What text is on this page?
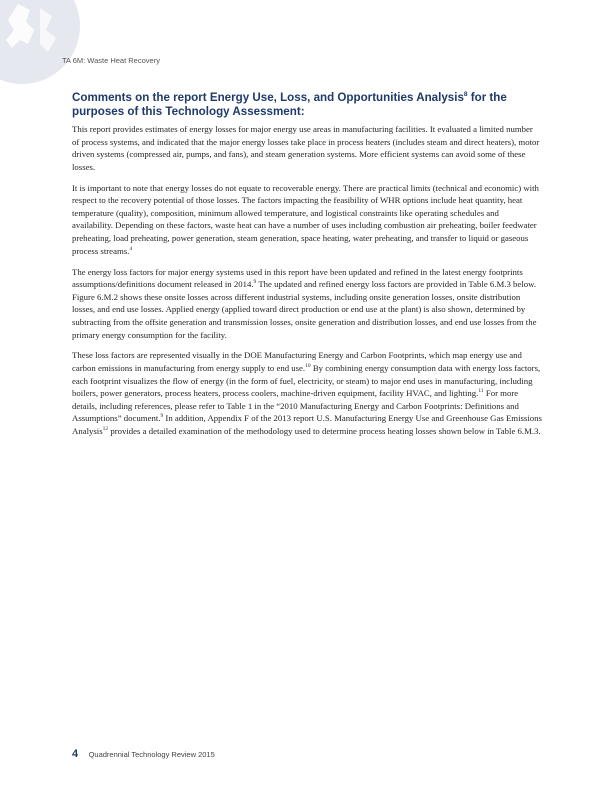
TA 6M: Waste Heat Recovery
Comments on the report Energy Use, Loss, and Opportunities Analysis$^8$ for the purposes of this Technology Assessment:

This report provides estimates of energy losses for major energy use areas in manufacturing facilities. It evaluated a limited number of process systems, and indicated that the major energy losses take place in process heaters (includes steam and direct heaters), motor driven systems (compressed air, pumps, and fans), and steam generation systems. More efficient systems can avoid some of these losses.

It is important to note that energy losses do not equate to recoverable energy. There are practical limits (technical and economic) with respect to the recovery potential of those losses. The factors impacting the feasibility of WHR options include heat quantity, heat temperature (quality), composition, minimum allowed temperature, and logistical constraints like operating schedules and availability. Depending on these factors, waste heat can have a number of uses including combustion air preheating, boiler feedwater preheating, load preheating, power generation, steam generation, space heating, water preheating, and transfer to liquid or gaseous process streams.$^4$

The energy loss factors for major energy systems used in this report have been updated and refined in the latest energy footprints assumptions/definitions document released in 2014.$^9$ The updated and refined energy loss factors are provided in Table 6.M.3 below. Figure 6.M.2 shows these onsite losses across different industrial systems, including onsite generation losses, onsite distribution losses, and end use losses. Applied energy (applied toward direct production or end use at the plant) is also shown, determined by subtracting from the offsite generation and transmission losses, onsite generation and distribution losses, and end use losses from the primary energy consumption for the facility.

These loss factors are represented visually in the DOE Manufacturing Energy and Carbon Footprints, which map energy use and carbon emissions in manufacturing from energy supply to end use.$^{10}$ By combining energy consumption data with energy loss factors, each footprint visualizes the flow of energy (in the form of fuel, electricity, or steam) to major end uses in manufacturing, including boilers, power generators, process heaters, process coolers, machine-driven equipment, facility HVAC, and lighting.$^{11}$ For more details, including references, please refer to Table 1 in the “2010 Manufacturing Energy and Carbon Footprints: Definitions and Assumptions” document.$^9$ In addition, Appendix F of the 2013 report U.S. Manufacturing Energy Use and Greenhouse Gas Emissions Analysis$^{12}$ provides a detailed examination of the methodology used to determine process heating losses shown below in Table 6.M.3.

4 Quadrennial Technology Review 2015
